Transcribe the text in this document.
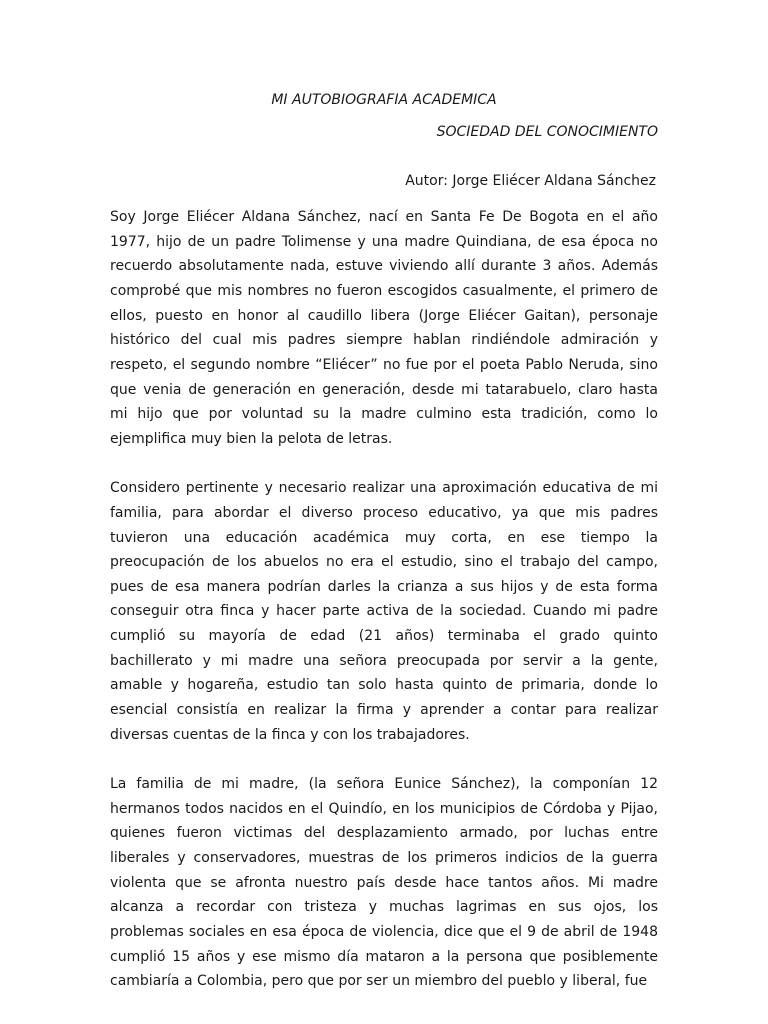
MI AUTOBIOGRAFIA ACADEMICA
SOCIEDAD DEL CONOCIMIENTO
Autor: Jorge Eliécer Aldana Sánchez
Soy Jorge Eliécer Aldana Sánchez, nací en Santa Fe De Bogota en el año
1977, hijo de un padre Tolimense y una madre Quindiana, de esa época no
recuerdo absolutamente nada, estuve viviendo allí durante 3 años. Además
comprobé que mis nombres no fueron escogidos casualmente, el primero de
ellos, puesto en honor al caudillo libera (Jorge Eliécer Gaitan), personaje
histórico del cual mis padres siempre hablan rindiéndole admiración y
respeto, el segundo nombre “Eliécer” no fue por el poeta Pablo Neruda, sino
que venia de generación en generación, desde mi tatarabuelo, claro hasta
mi hijo que por voluntad su la madre culmino esta tradición, como lo
ejemplifica muy bien la pelota de letras.
Considero pertinente y necesario realizar una aproximación educativa de mi
familia, para abordar el diverso proceso educativo, ya que mis padres
tuvieron una educación académica muy corta, en ese tiempo la
preocupación de los abuelos no era el estudio, sino el trabajo del campo,
pues de esa manera podrían darles la crianza a sus hijos y de esta forma
conseguir otra finca y hacer parte activa de la sociedad. Cuando mi padre
cumplió su mayoría de edad (21 años) terminaba el grado quinto
bachillerato y mi madre una señora preocupada por servir a la gente,
amable y hogareña, estudio tan solo hasta quinto de primaria, donde lo
esencial consistía en realizar la firma y aprender a contar para realizar
diversas cuentas de la finca y con los trabajadores.
La familia de mi madre, (la señora Eunice Sánchez), la componían 12
hermanos todos nacidos en el Quindío, en los municipios de Córdoba y Pijao,
quienes fueron victimas del desplazamiento armado, por luchas entre
liberales y conservadores, muestras de los primeros indicios de la guerra
violenta que se afronta nuestro país desde hace tantos años. Mi madre
alcanza a recordar con tristeza y muchas lagrimas en sus ojos, los
problemas sociales en esa época de violencia, dice que el 9 de abril de 1948
cumplió 15 años y ese mismo día mataron a la persona que posiblemente
cambiaría a Colombia, pero que por ser un miembro del pueblo y liberal, fue
